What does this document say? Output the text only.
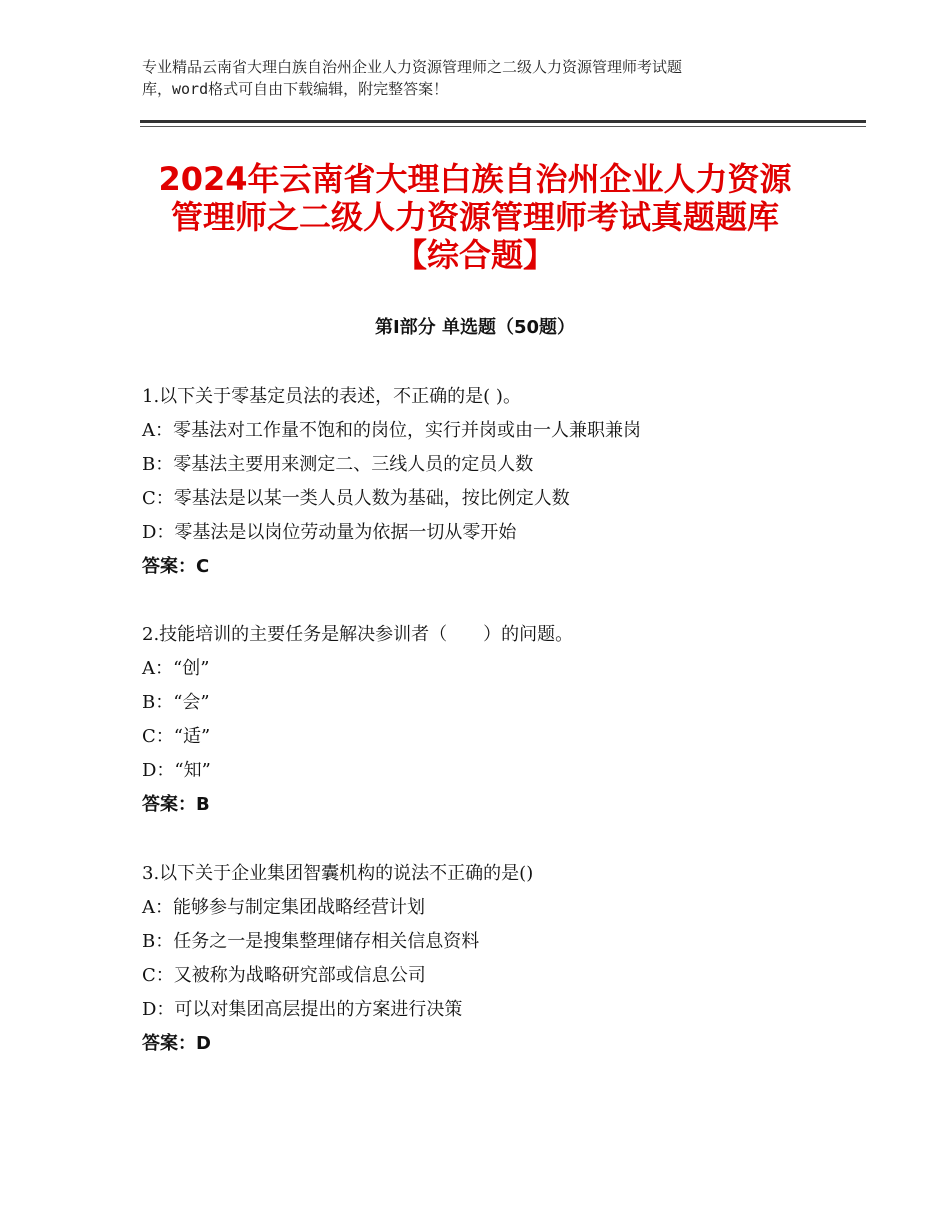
专业精品云南省大理白族自治州企业人力资源管理师之二级人力资源管理师考试题
库，word格式可自由下载编辑，附完整答案！
2024年云南省大理白族自治州企业人力资源
管理师之二级人力资源管理师考试真题题库
【综合题】
第Ⅰ部分 单选题（50题）
1.以下关于零基定员法的表述，不正确的是( )。
A：零基法对工作量不饱和的岗位，实行并岗或由一人兼职兼岗
B：零基法主要用来测定二、三线人员的定员人数
C：零基法是以某一类人员人数为基础，按比例定人数
D：零基法是以岗位劳动量为依据一切从零开始
答案：C
2.技能培训的主要任务是解决参训者（　　）的问题。
A：“创”
B：“会”
C：“适”
D：“知”
答案：B
3.以下关于企业集团智囊机构的说法不正确的是()
A：能够参与制定集团战略经营计划
B：任务之一是搜集整理储存相关信息资料
C：又被称为战略研究部或信息公司
D：可以对集团高层提出的方案进行决策
答案：D
